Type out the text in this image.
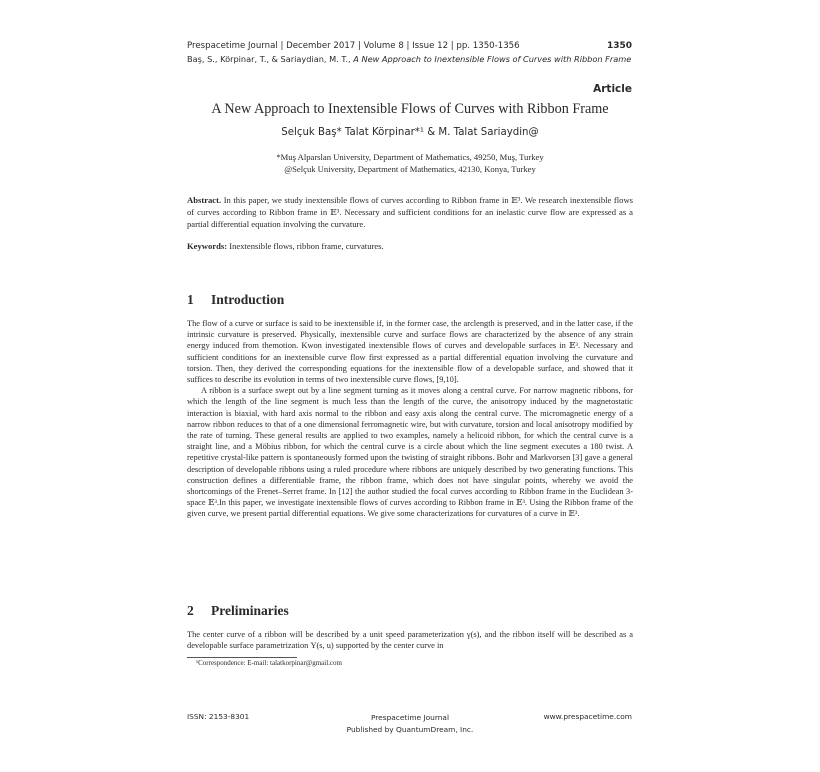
Prespacetime Journal | December 2017 | Volume 8 | Issue 12 | pp. 1350-1356	1350
Baş, S., Körpinar, T., & Sariaydian, M. T., A New Approach to Inextensible Flows of Curves with Ribbon Frame
Article
A New Approach to Inextensible Flows of Curves with Ribbon Frame
Selçuk Baş* Talat Körpinar*¹ & M. Talat Sariaydin@
*Muş Alparslan University, Department of Mathematics, 49250, Muş, Turkey
@Selçuk University, Department of Mathematics, 42130, Konya, Turkey
Abstract. In this paper, we study inextensible flows of curves according to Ribbon frame in 𝔼³. We research inextensible flows of curves according to Ribbon frame in 𝔼³. Necessary and sufficient conditions for an inelastic curve flow are expressed as a partial differential equation involving the curvature.
Keywords: Inextensible flows, ribbon frame, curvatures.
1 Introduction

The flow of a curve or surface is said to be inextensible if, in the former case, the arclength is preserved, and in the latter case, if the intrinsic curvature is preserved. Physically, inextensible curve and surface flows are characterized by the absence of any strain energy induced from themotion. Kwon investigated inextensible flows of curves and developable surfaces in 𝔼³. Necessary and sufficient conditions for an inextensible curve flow first expressed as a partial differential equation involving the curvature and torsion. Then, they derived the corresponding equations for the inextensible flow of a developable surface, and showed that it suffices to describe its evolution in terms of two inextensible curve flows, [9,10].

A ribbon is a surface swept out by a line segment turning as it moves along a central curve. For narrow magnetic ribbons, for which the length of the line segment is much less than the length of the curve, the anisotropy induced by the magnetostatic interaction is biaxial, with hard axis normal to the ribbon and easy axis along the central curve. The micromagnetic energy of a narrow ribbon reduces to that of a one dimensional ferromagnetic wire, but with curvature, torsion and local anisotropy modified by the rate of turning. These general results are applied to two examples, namely a helicoid ribbon, for which the central curve is a straight line, and a Möbius ribbon, for which the central curve is a circle about which the line segment executes a 180 twist. A repetitive crystal-like pattern is spontaneously formed upon the twisting of straight ribbons. Bohr and Markvorsen [3] gave a general description of developable ribbons using a ruled procedure where ribbons are uniquely described by two generating functions. This construction defines a differentiable frame, the ribbon frame, which does not have singular points, whereby we avoid the shortcomings of the Frenet–Serret frame. In [12] the author studied the focal curves according to Ribbon frame in the Euclidean 3-space 𝔼³.In this paper, we investigate inextensible flows of curves according to Ribbon frame in 𝔼³. Using the Ribbon frame of the given curve, we present partial differential equations. We give some characterizations for curvatures of a curve in 𝔼³.

2 Preliminaries

The center curve of a ribbon will be described by a unit speed parameterization γ(s), and the ribbon itself will be described as a developable surface parametrization Υ(s, u) supported by the center curve in

¹Correspondence: E-mail: talatkorpinar@gmail.com
ISSN: 2153-8301	Prespacetime Journal
Published by QuantumDream, Inc.
www.prespacetime.com
